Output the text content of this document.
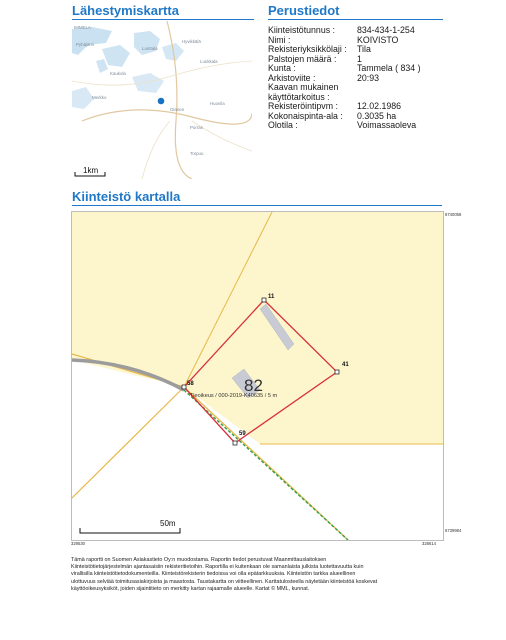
Lähestymiskartta	Perustiedot
IMMELA
Pyhäjärvi
Lunttala
Hyvikkälä
Lunkkala
Kaukola
Merkko
Oianen
Huovila
Porras
Torpuu
1km
Kiinteistötunnus :	834-434-1-254
Nimi :	KOIVISTO
Rekisteriyksikkölaji : Tila
Palstojen määrä : 1
Kunta :	Tammela ( 834 )
Arkistoviite :	20:93
Kaavan mukainen
käyttötarkoitus :
Rekisteröintipvm : 12.02.1986
Kokonaispinta-ala : 0.3035 ha
Olotila :	Voimassaoleva
Kiinteistö kartalla
11
41
58
59
82
Tieoikeus / 000-2019-K40635 / 5 m
50m
6740058
6739984
329530	328614
Tämä raportti on Suomen Asiakastieto Oy:n muodostama. Raportin tiedot perustuvat Maanmittauslaitoksen
Kiinteistötietojärjestelmän ajantasaisiin rekisteritietoihin. Raportilla ei kuitenkaan ole samanlaista julkista luotettavuutta kuin
virallisilla kiinteistötietodokumenteilla. Kiinteistörekisterin tiedoissa voi olla epätarkkuuksia. Kiinteistön tarkka alueellinen
ulottuvuus selviää toimitusasiakirjoista ja maastosta. Taustakartta on viitteellinen. Karttatulosteella näytetään kiinteistöä koskevat
käyttöoikeusyksiköt, joiden sijaintitieto on merkitty kartan rajaamalle alueelle. Kartat © MML, kunnat.
